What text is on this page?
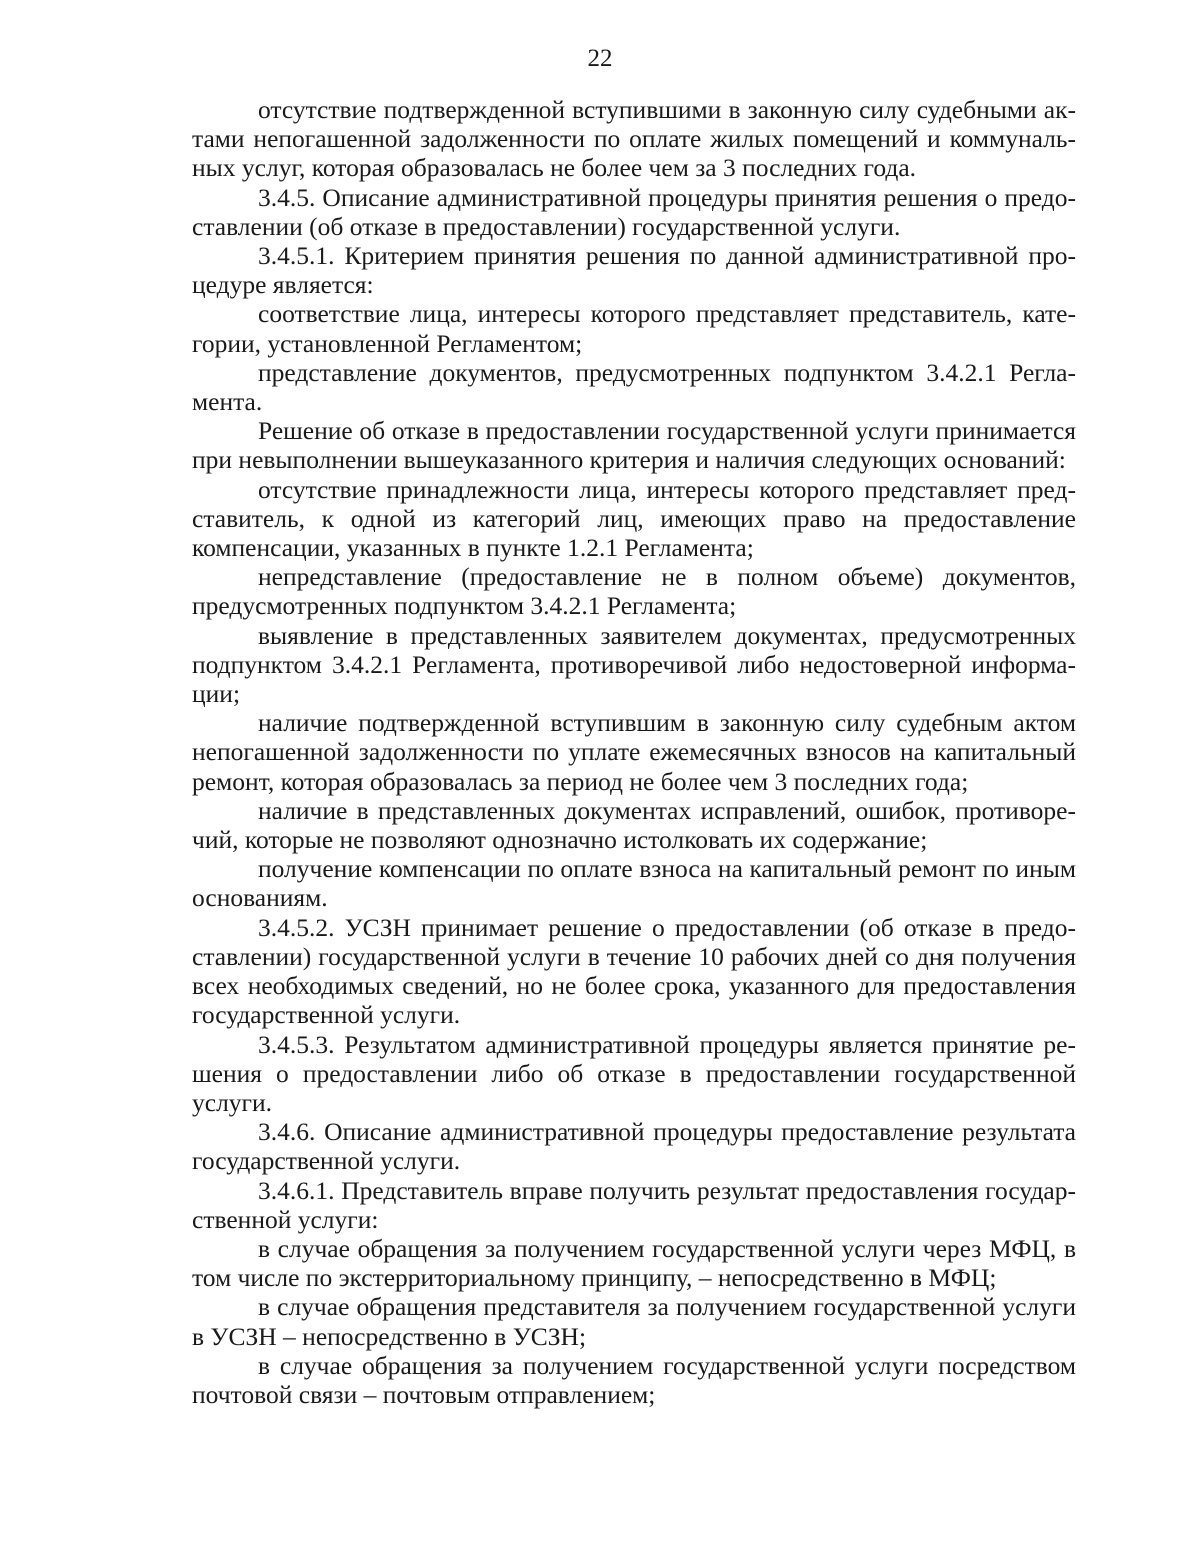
22

отсутствие подтвержденной вступившими в законную силу судебными актами непогашенной задолженности по оплате жилых помещений и коммунальных услуг, которая образовалась не более чем за 3 последних года.

3.4.5. Описание административной процедуры принятия решения о предоставлении (об отказе в предоставлении) государственной услуги.

3.4.5.1. Критерием принятия решения по данной административной процедуре является:

соответствие лица, интересы которого представляет представитель, категории, установленной Регламентом;

представление документов, предусмотренных подпунктом 3.4.2.1 Регламента.

Решение об отказе в предоставлении государственной услуги принимается при невыполнении вышеуказанного критерия и наличия следующих оснований:

отсутствие принадлежности лица, интересы которого представляет представитель, к одной из категорий лиц, имеющих право на предоставление компенсации, указанных в пункте 1.2.1 Регламента;

непредставление (предоставление не в полном объеме) документов, предусмотренных подпунктом 3.4.2.1 Регламента;

выявление в представленных заявителем документах, предусмотренных подпунктом 3.4.2.1 Регламента, противоречивой либо недостоверной информации;

наличие подтвержденной вступившим в законную силу судебным актом непогашенной задолженности по уплате ежемесячных взносов на капитальный ремонт, которая образовалась за период не более чем 3 последних года;

наличие в представленных документах исправлений, ошибок, противоречий, которые не позволяют однозначно истолковать их содержание;

получение компенсации по оплате взноса на капитальный ремонт по иным основаниям.

3.4.5.2. УСЗН принимает решение о предоставлении (об отказе в предоставлении) государственной услуги в течение 10 рабочих дней со дня получения всех необходимых сведений, но не более срока, указанного для предоставления государственной услуги.

3.4.5.3. Результатом административной процедуры является принятие решения о предоставлении либо об отказе в предоставлении государственной услуги.

3.4.6. Описание административной процедуры предоставление результата государственной услуги.

3.4.6.1. Представитель вправе получить результат предоставления государственной услуги:

в случае обращения за получением государственной услуги через МФЦ, в том числе по экстерриториальному принципу, – непосредственно в МФЦ;

в случае обращения представителя за получением государственной услуги в УСЗН – непосредственно в УСЗН;

в случае обращения за получением государственной услуги посредством почтовой связи – почтовым отправлением;
